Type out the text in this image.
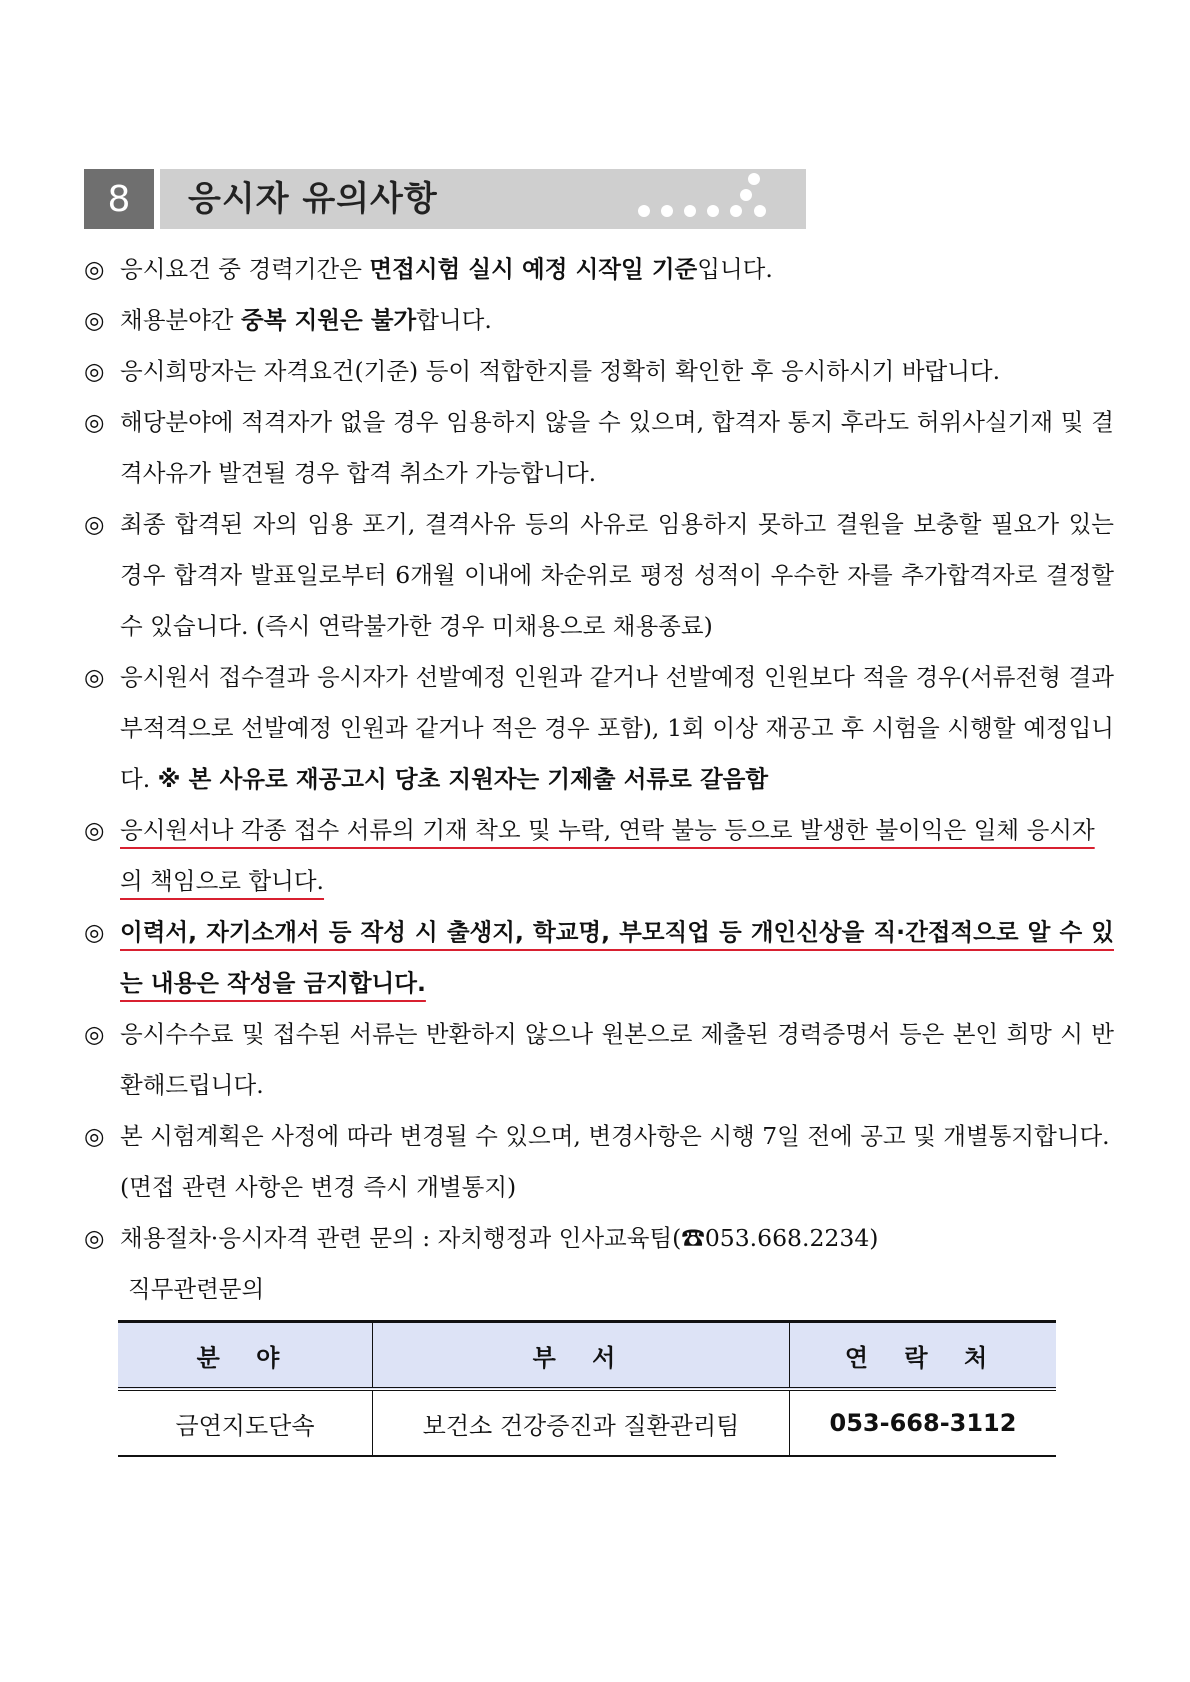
8	응시자 유의사항
◎ 응시요건 중 경력기간은 면접시험 실시 예정 시작일 기준입니다.
◎ 채용분야간 중복 지원은 불가합니다.
◎ 응시희망자는 자격요건(기준) 등이 적합한지를 정확히 확인한 후 응시하시기 바랍니다.
◎ 해당분야에 적격자가 없을 경우 임용하지 않을 수 있으며, 합격자 통지 후라도 허위사실기재 및 결격사유가 발견될 경우 합격 취소가 가능합니다.
◎ 최종 합격된 자의 임용 포기, 결격사유 등의 사유로 임용하지 못하고 결원을 보충할 필요가 있는 경우 합격자 발표일로부터 6개월 이내에 차순위로 평정 성적이 우수한 자를 추가합격자로 결정할 수 있습니다. (즉시 연락불가한 경우 미채용으로 채용종료)
◎ 응시원서 접수결과 응시자가 선발예정 인원과 같거나 선발예정 인원보다 적을 경우(서류전형 결과 부적격으로 선발예정 인원과 같거나 적은 경우 포함), 1회 이상 재공고 후 시험을 시행할 예정입니다. ※ 본 사유로 재공고시 당초 지원자는 기제출 서류로 갈음함
◎ 응시원서나 각종 접수 서류의 기재 착오 및 누락, 연락 불능 등으로 발생한 불이익은 일체 응시자의 책임으로 합니다.
◎ 이력서, 자기소개서 등 작성 시 출생지, 학교명, 부모직업 등 개인신상을 직·간접적으로 알 수 있는 내용은 작성을 금지합니다.
◎ 응시수수료 및 접수된 서류는 반환하지 않으나 원본으로 제출된 경력증명서 등은 본인 희망 시 반환해드립니다.
◎ 본 시험계획은 사정에 따라 변경될 수 있으며, 변경사항은 시행 7일 전에 공고 및 개별통지합니다.
(면접 관련 사항은 변경 즉시 개별통지)
◎ 채용절차·응시자격 관련 문의 : 자치행정과 인사교육팀(☎053.668.2234)
직무관련문의
분 야	부 서	연 락 처
금연지도단속	보건소 건강증진과 질환관리팀	053-668-3112
